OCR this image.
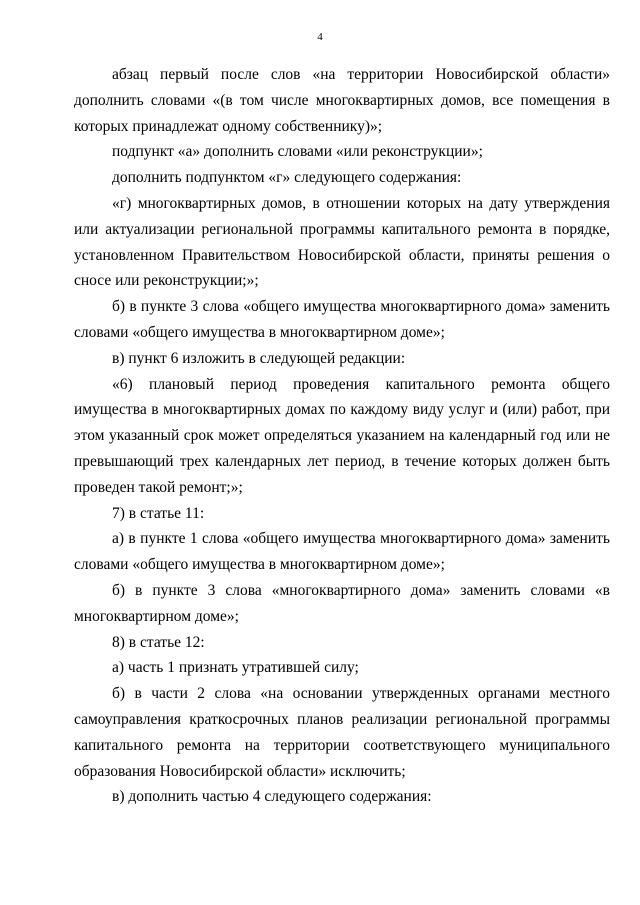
4

абзац первый после слов «на территории Новосибирской области» дополнить словами «(в том числе многоквартирных домов, все помещения в которых принадлежат одному собственнику)»;

подпункт «а» дополнить словами «или реконструкции»;

дополнить подпунктом «г» следующего содержания:

«г) многоквартирных домов, в отношении которых на дату утверждения или актуализации региональной программы капитального ремонта в порядке, установленном Правительством Новосибирской области, приняты решения о сносе или реконструкции;»;

б) в пункте 3 слова «общего имущества многоквартирного дома» заменить словами «общего имущества в многоквартирном доме»;

в) пункт 6 изложить в следующей редакции:

«6) плановый период проведения капитального ремонта общего имущества в многоквартирных домах по каждому виду услуг и (или) работ, при этом указанный срок может определяться указанием на календарный год или не превышающий трех календарных лет период, в течение которых должен быть проведен такой ремонт;»;

7) в статье 11:

а) в пункте 1 слова «общего имущества многоквартирного дома» заменить словами «общего имущества в многоквартирном доме»;

б) в пункте 3 слова «многоквартирного дома» заменить словами «в многоквартирном доме»;

8) в статье 12:

а) часть 1 признать утратившей силу;

б) в части 2 слова «на основании утвержденных органами местного самоуправления краткосрочных планов реализации региональной программы капитального ремонта на территории соответствующего муниципального образования Новосибирской области» исключить;

в) дополнить частью 4 следующего содержания:
